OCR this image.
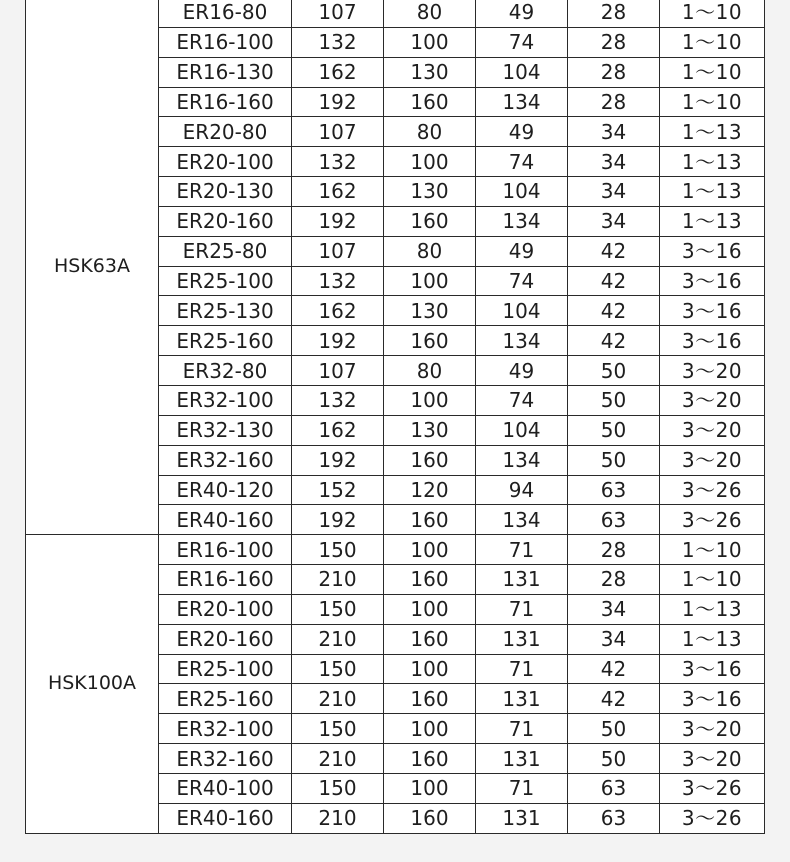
HSK63A	ER16-80	107	80	49	28	1～10
	ER16-100	132	100	74	28	1～10
	ER16-130	162	130	104	28	1～10
	ER16-160	192	160	134	28	1～10
	ER20-80	107	80	49	34	1～13
	ER20-100	132	100	74	34	1～13
	ER20-130	162	130	104	34	1～13
	ER20-160	192	160	134	34	1～13
	ER25-80	107	80	49	42	3～16
	ER25-100	132	100	74	42	3～16
	ER25-130	162	130	104	42	3～16
	ER25-160	192	160	134	42	3～16
	ER32-80	107	80	49	50	3～20
	ER32-100	132	100	74	50	3～20
	ER32-130	162	130	104	50	3～20
	ER32-160	192	160	134	50	3～20
	ER40-120	152	120	94	63	3～26
	ER40-160	192	160	134	63	3～26
HSK100A	ER16-100	150	100	71	28	1～10
	ER16-160	210	160	131	28	1～10
	ER20-100	150	100	71	34	1～13
	ER20-160	210	160	131	34	1～13
	ER25-100	150	100	71	42	3～16
	ER25-160	210	160	131	42	3～16
	ER32-100	150	100	71	50	3～20
	ER32-160	210	160	131	50	3～20
	ER40-100	150	100	71	63	3～26
	ER40-160	210	160	131	63	3～26
